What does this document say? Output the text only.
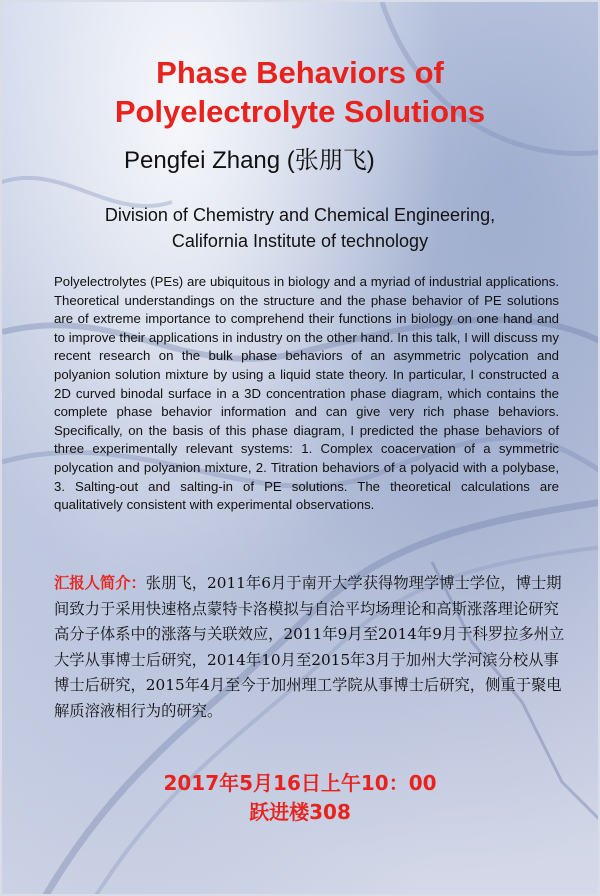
Phase Behaviors of
Polyelectrolyte Solutions
Pengfei Zhang (张朋飞)
Division of Chemistry and Chemical Engineering,
California Institute of technology

Polyelectrolytes (PEs) are ubiquitous in biology and a myriad of industrial applications. Theoretical understandings on the structure and the phase behavior of PE solutions are of extreme importance to comprehend their functions in biology on one hand and to improve their applications in industry on the other hand. In this talk, I will discuss my recent research on the bulk phase behaviors of an asymmetric polycation and polyanion solution mixture by using a liquid state theory. In particular, I constructed a 2D curved binodal surface in a 3D concentration phase diagram, which contains the complete phase behavior information and can give very rich phase behaviors. Specifically, on the basis of this phase diagram, I predicted the phase behaviors of three experimentally relevant systems: 1. Complex coacervation of a symmetric polycation and polyanion mixture, 2. Titration behaviors of a polyacid with a polybase, 3. Salting-out and salting-in of PE solutions. The theoretical calculations are qualitatively consistent with experimental observations.

汇报人简介：张朋飞，2011年6月于南开大学获得物理学博士学位，博士期间致力于采用快速格点蒙特卡洛模拟与自洽平均场理论和高斯涨落理论研究高分子体系中的涨落与关联效应，2011年9月至2014年9月于科罗拉多州立大学从事博士后研究，2014年10月至2015年3月于加州大学河滨分校从事博士后研究，2015年4月至今于加州理工学院从事博士后研究，侧重于聚电解质溶液相行为的研究。

2017年5月16日上午10：00
跃进楼308
